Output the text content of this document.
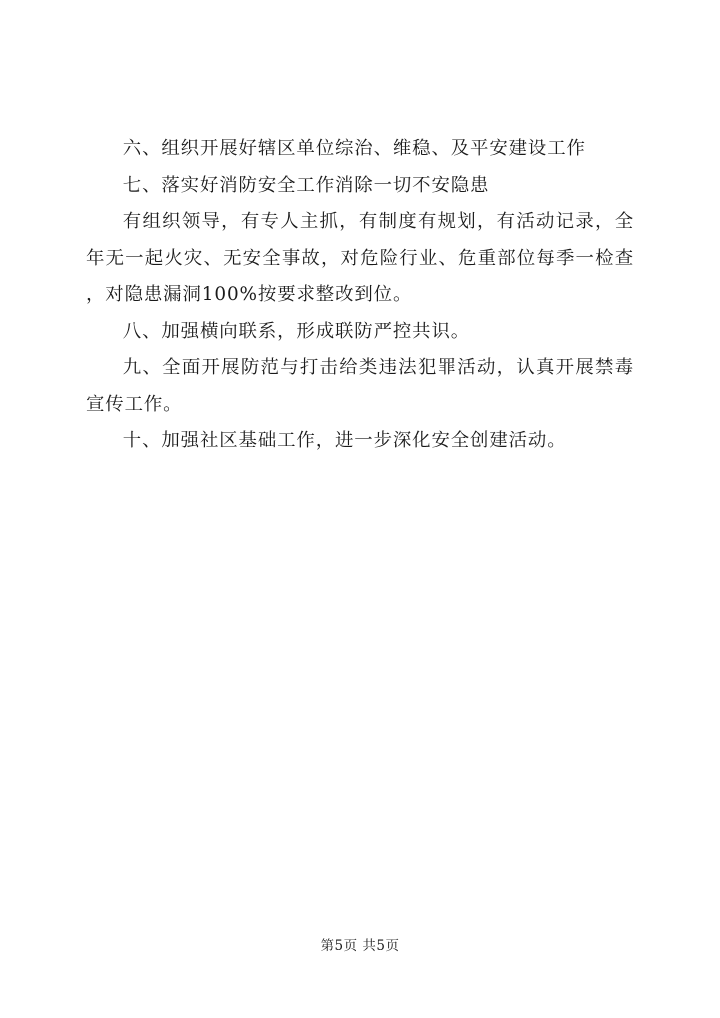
六、组织开展好辖区单位综治、维稳、及平安建设工作

七、落实好消防安全工作消除一切不安隐患

有组织领导，有专人主抓，有制度有规划，有活动记录，全年无一起火灾、无安全事故，对危险行业、危重部位每季一检查，对隐患漏洞100%按要求整改到位。

八、加强横向联系，形成联防严控共识。

九、全面开展防范与打击给类违法犯罪活动，认真开展禁毒宣传工作。

十、加强社区基础工作，进一步深化安全创建活动。

第5页 共5页
